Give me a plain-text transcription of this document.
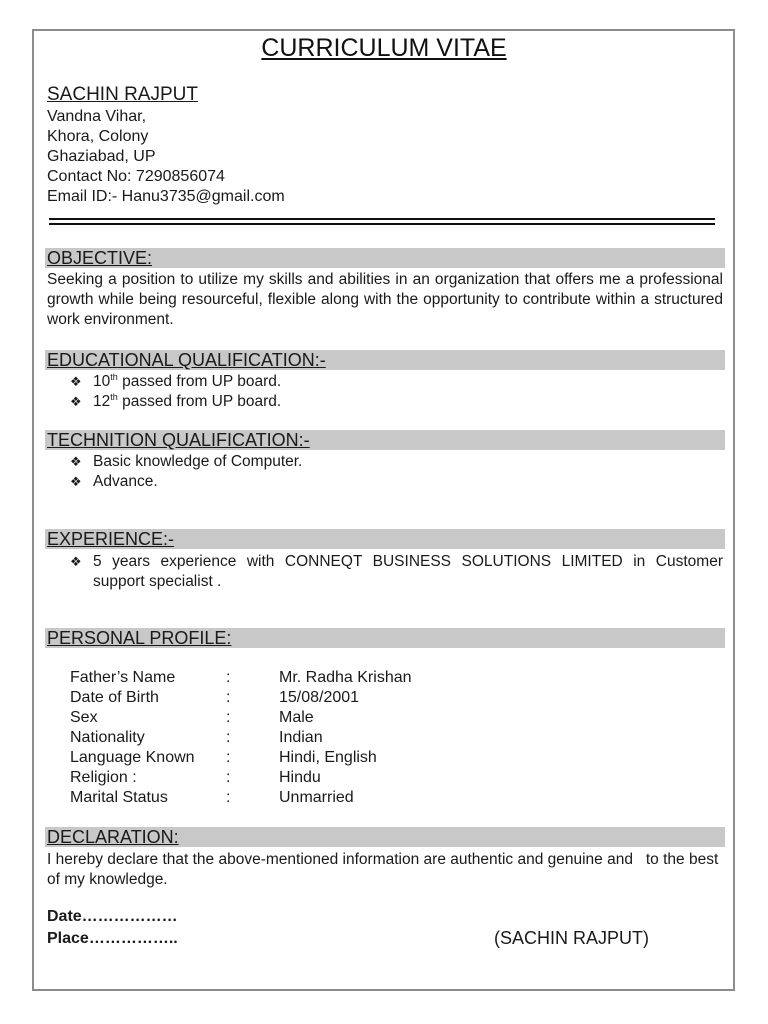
CURRICULUM VITAE
SACHIN RAJPUT
Vandna Vihar,
Khora, Colony
Ghaziabad, UP
Contact No: 7290856074
Email ID:- Hanu3735@gmail.com
OBJECTIVE:
Seeking a position to utilize my skills and abilities in an organization that offers me a professional growth while being resourceful, flexible along with the opportunity to contribute within a structured work environment.
EDUCATIONAL QUALIFICATION:-
❖ 10th passed from UP board.
❖ 12th passed from UP board.
TECHNITION QUALIFICATION:-
❖ Basic knowledge of Computer.
❖ Advance.
EXPERIENCE:-
❖ 5 years experience with CONNEQT BUSINESS SOLUTIONS LIMITED in Customer support specialist .
PERSONAL PROFILE:
Father’s Name	:	Mr. Radha Krishan
Date of Birth	:	15/08/2001
Sex	:	Male
Nationality	:	Indian
Language Known :	Hindi, English
Religion :	:	Hindu
Marital Status	:	Unmarried
DECLARATION:
I hereby declare that the above-mentioned information are authentic and genuine and   to the best of my knowledge.
Date………………
Place……………..	(SACHIN RAJPUT)
